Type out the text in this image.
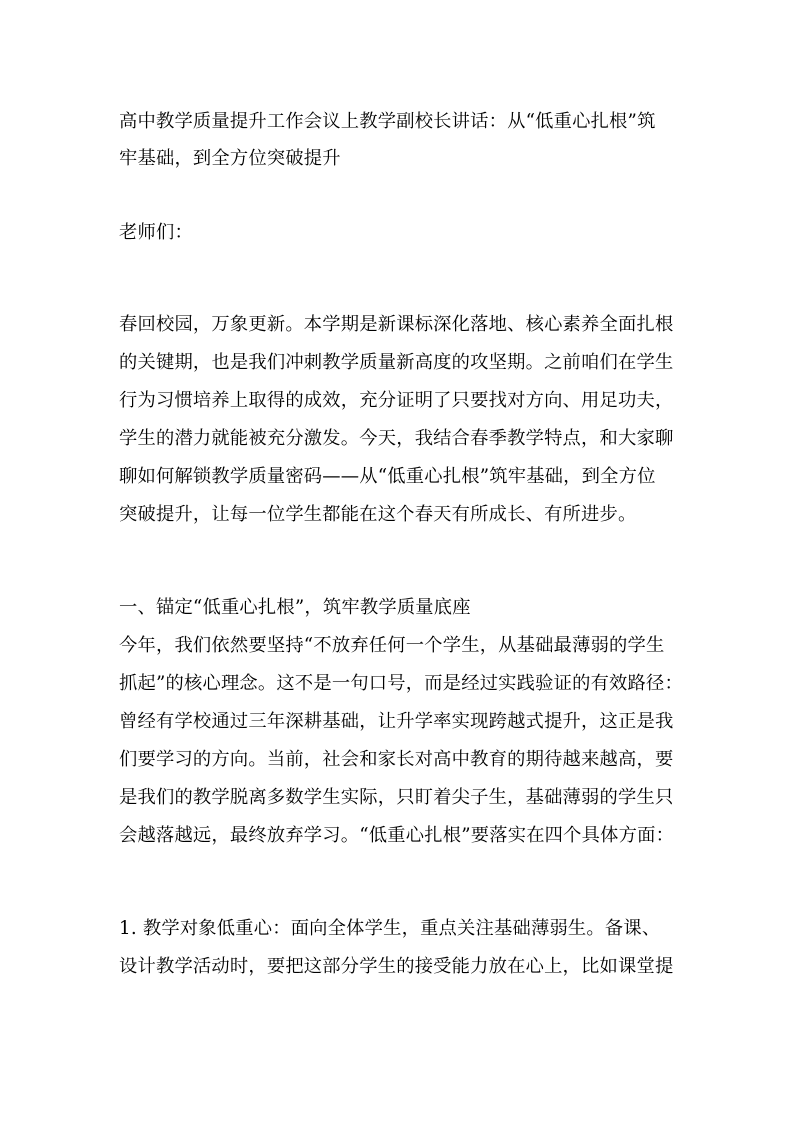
高中教学质量提升工作会议上教学副校长讲话：从“低重心扎根”筑
牢基础，到全方位突破提升
老师们：
春回校园，万象更新。本学期是新课标深化落地、核心素养全面扎根
的关键期，也是我们冲刺教学质量新高度的攻坚期。之前咱们在学生
行为习惯培养上取得的成效，充分证明了只要找对方向、用足功夫，
学生的潜力就能被充分激发。今天，我结合春季教学特点，和大家聊
聊如何解锁教学质量密码——从“低重心扎根”筑牢基础，到全方位
突破提升，让每一位学生都能在这个春天有所成长、有所进步。
一、锚定“低重心扎根”，筑牢教学质量底座
今年，我们依然要坚持“不放弃任何一个学生，从基础最薄弱的学生
抓起”的核心理念。这不是一句口号，而是经过实践验证的有效路径：
曾经有学校通过三年深耕基础，让升学率实现跨越式提升，这正是我
们要学习的方向。当前，社会和家长对高中教育的期待越来越高，要
是我们的教学脱离多数学生实际，只盯着尖子生，基础薄弱的学生只
会越落越远，最终放弃学习。“低重心扎根”要落实在四个具体方面：
1. 教学对象低重心：面向全体学生，重点关注基础薄弱生。备课、
设计教学活动时，要把这部分学生的接受能力放在心上，比如课堂提
